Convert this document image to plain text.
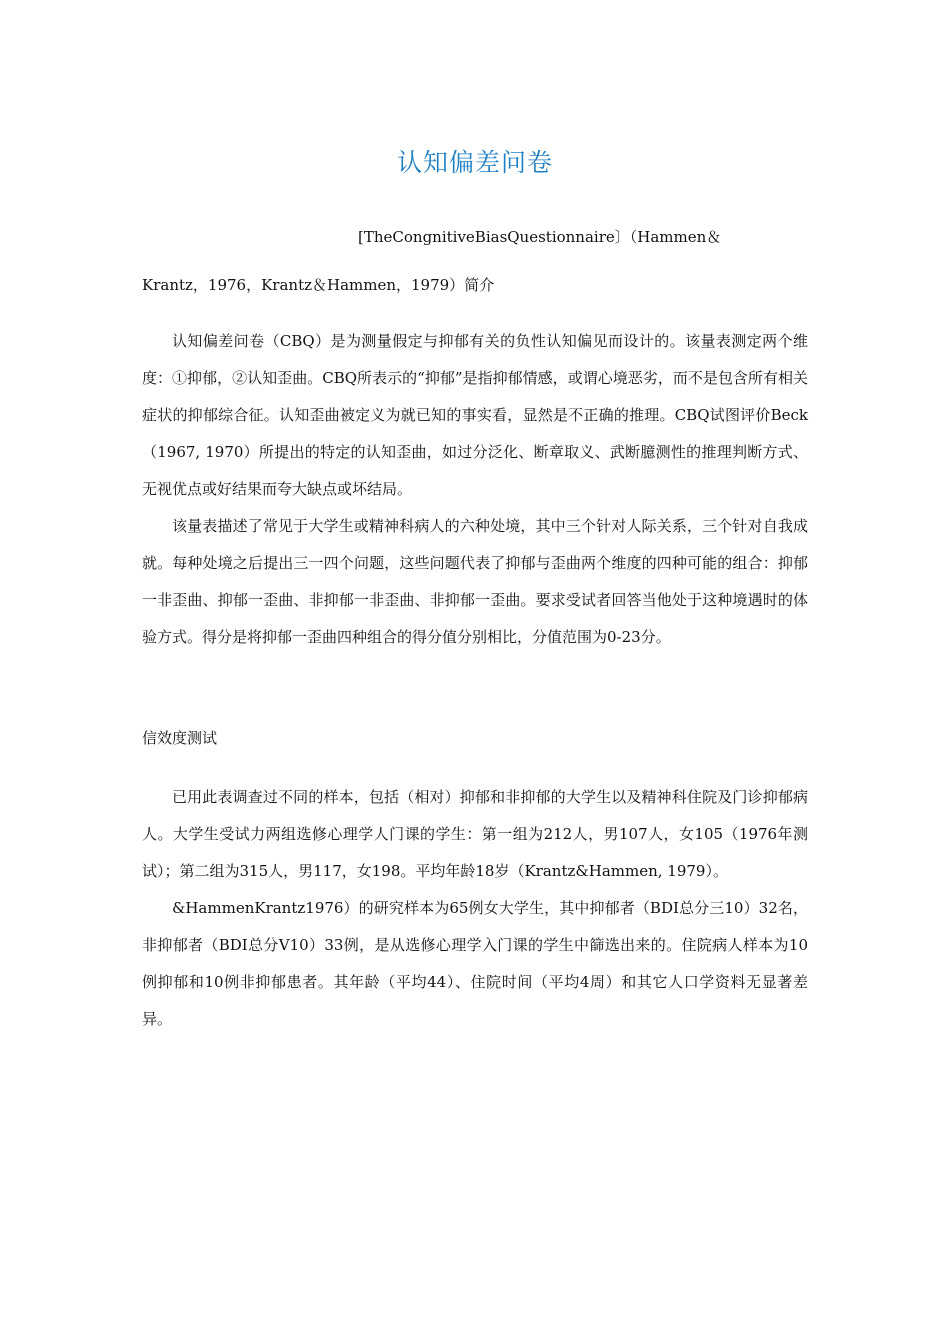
认知偏差问卷
[TheCongnitiveBiasQuestionnaire〕（Hammen＆
Krantz，1976，Krantz＆Hammen，1979）简介

认知偏差问卷（CBQ）是为测量假定与抑郁有关的负性认知偏见而设计的。该量表测定两个维度：①抑郁，②认知歪曲。CBQ所表示的“抑郁”是指抑郁情感，或谓心境恶劣，而不是包含所有相关症状的抑郁综合征。认知歪曲被定义为就已知的事实看，显然是不正确的推理。CBQ试图评价Beck（1967, 1970）所提出的特定的认知歪曲，如过分泛化、断章取义、武断臆测性的推理判断方式、无视优点或好结果而夸大缺点或坏结局。

该量表描述了常见于大学生或精神科病人的六种处境，其中三个针对人际关系，三个针对自我成就。每种处境之后提出三一四个问题，这些问题代表了抑郁与歪曲两个维度的四种可能的组合：抑郁一非歪曲、抑郁一歪曲、非抑郁一非歪曲、非抑郁一歪曲。要求受试者回答当他处于这种境遇时的体验方式。得分是将抑郁一歪曲四种组合的得分值分别相比，分值范围为0-23分。

信效度测试

已用此表调查过不同的样本，包括（相对）抑郁和非抑郁的大学生以及精神科住院及门诊抑郁病人。大学生受试力两组选修心理学人门课的学生：第一组为212人，男107人，女105（1976年测试）；第二组为315人，男117，女198。平均年龄18岁（Krantz&Hammen, 1979）。

&HammenKrantz1976）的研究样本为65例女大学生，其中抑郁者（BDI总分三10）32名，非抑郁者（BDI总分V10）33例，是从选修心理学入门课的学生中篩选出来的。住院病人样本为10例抑郁和10例非抑郁患者。其年龄（平均44）、住院时间（平均4周）和其它人口学资料无显著差异。
